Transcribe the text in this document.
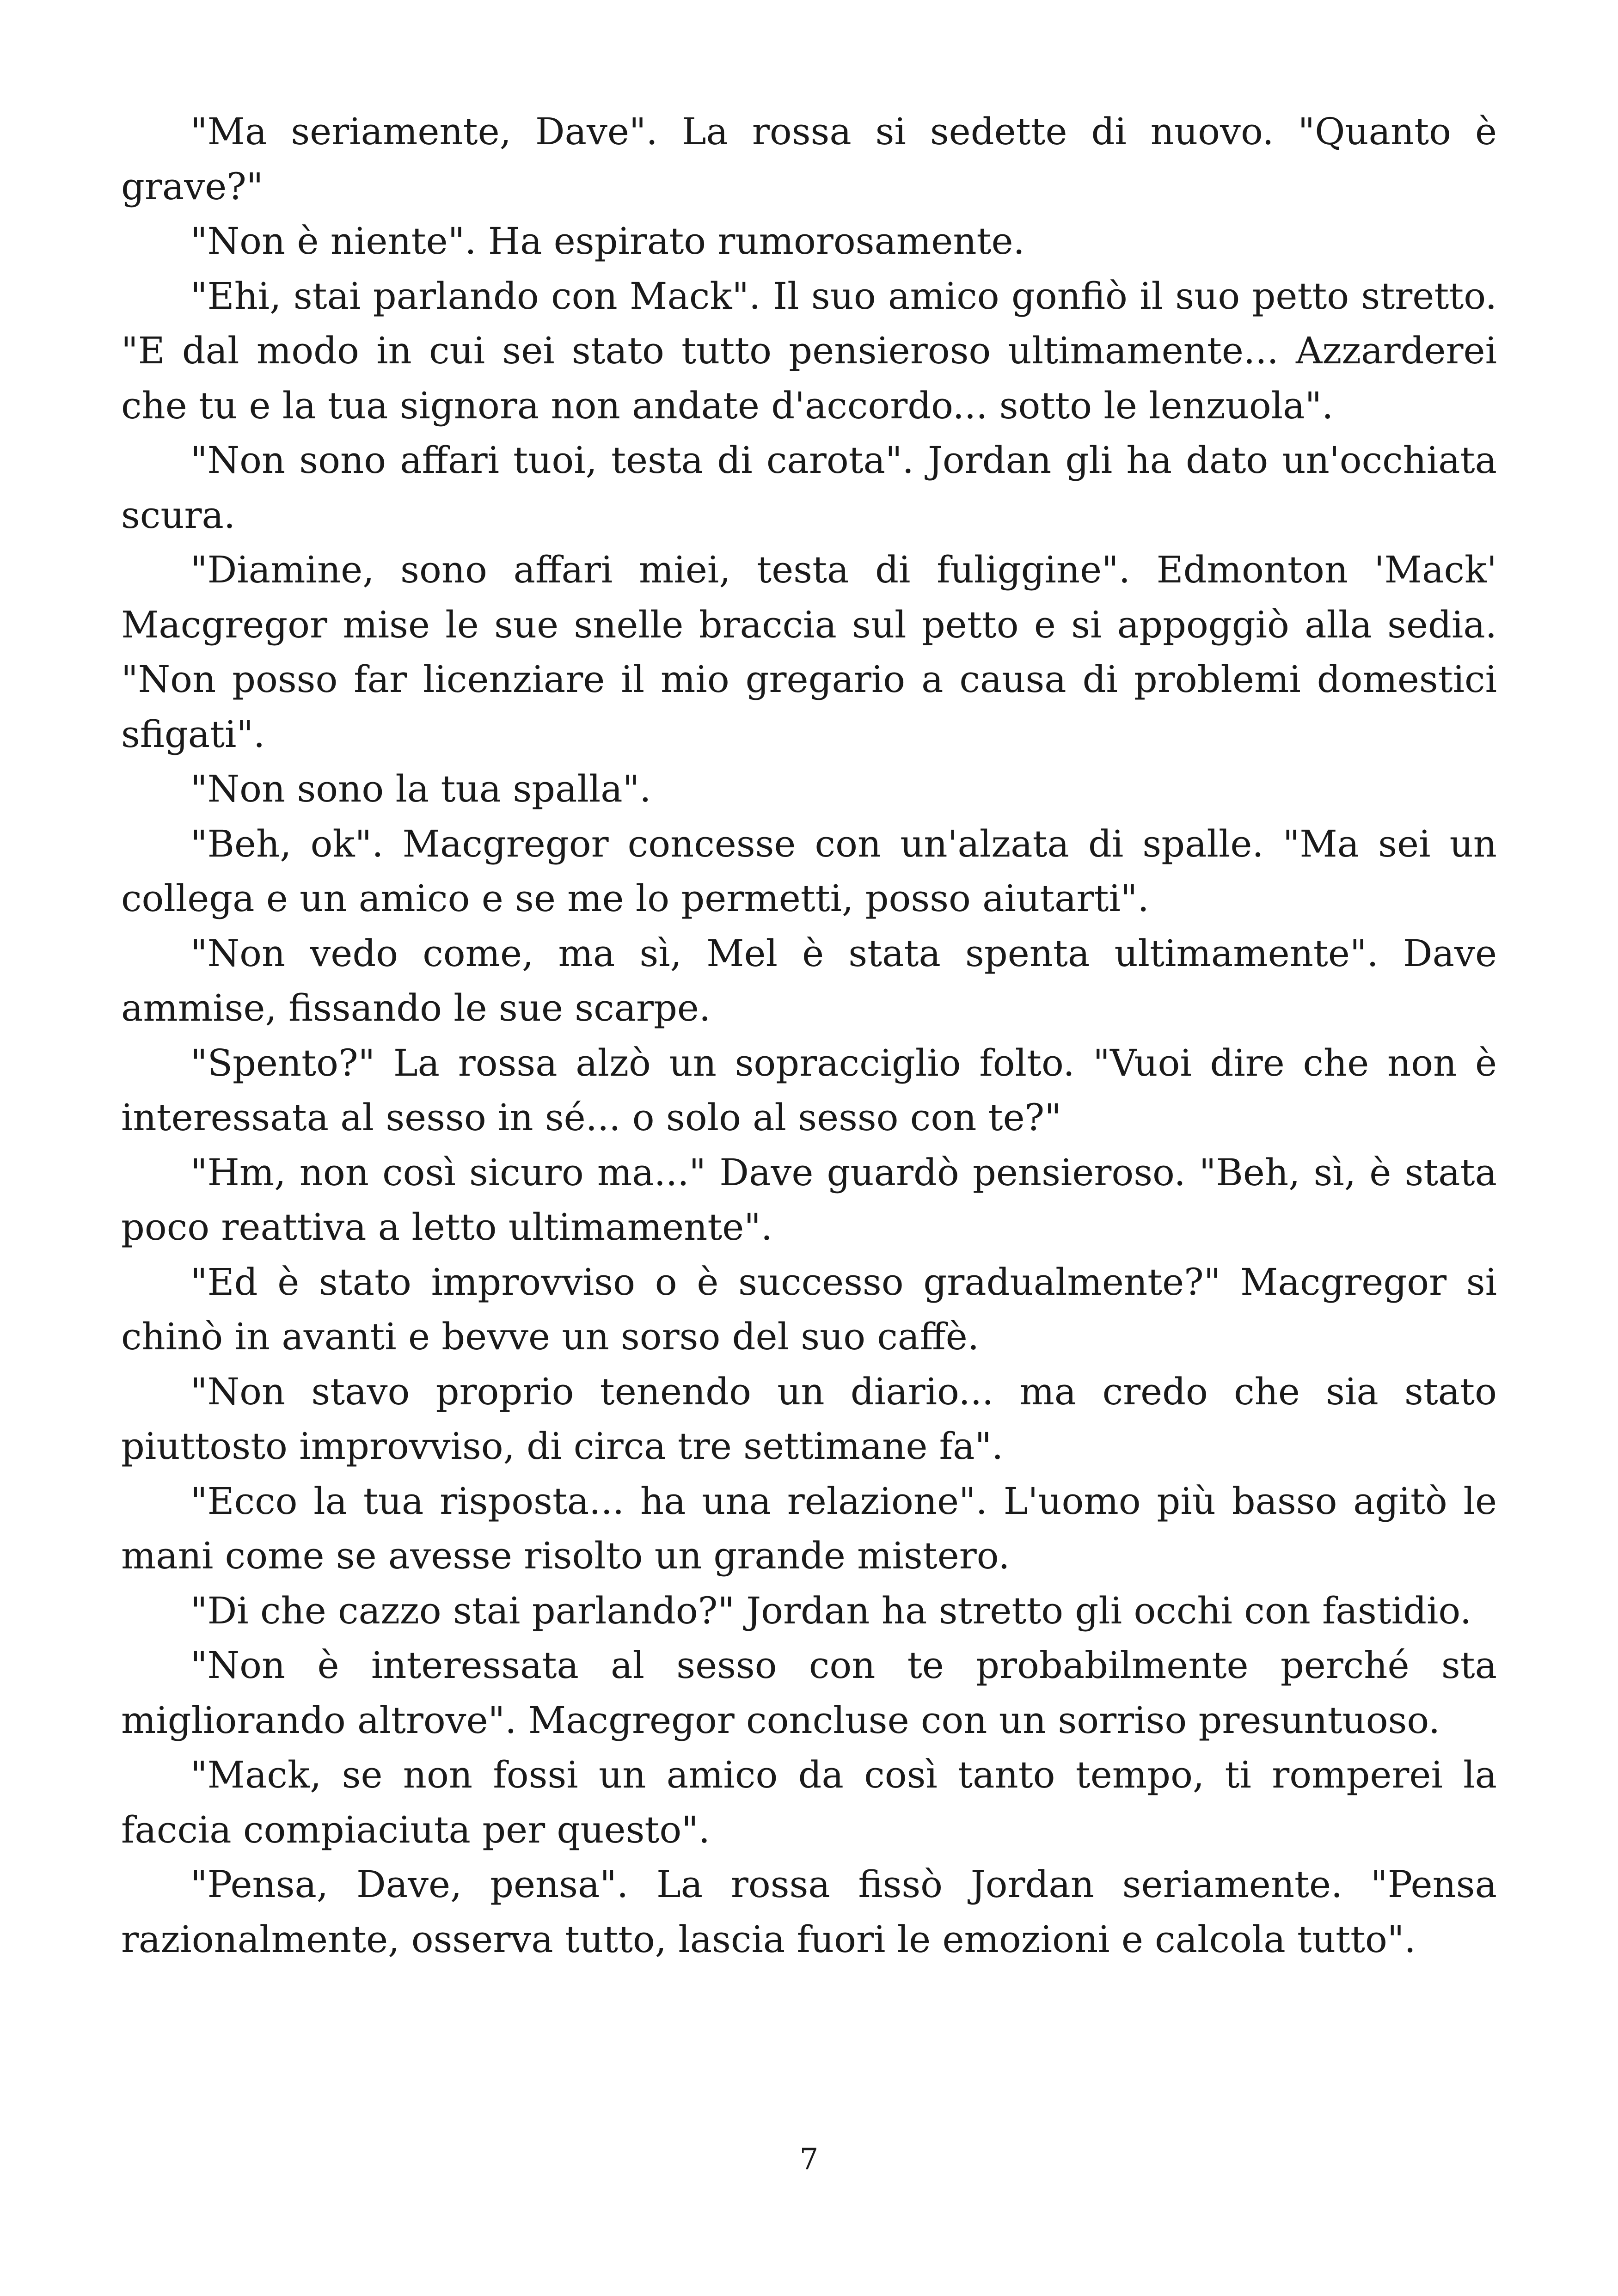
"Ma seriamente, Dave". La rossa si sedette di nuovo. "Quanto è grave?"

"Non è niente". Ha espirato rumorosamente.

"Ehi, stai parlando con Mack". Il suo amico gonfiò il suo petto stretto. "E dal modo in cui sei stato tutto pensieroso ultimamente... Azzarderei che tu e la tua signora non andate d'accordo... sotto le lenzuola".

"Non sono affari tuoi, testa di carota". Jordan gli ha dato un'occhiata scura.

"Diamine, sono affari miei, testa di fuliggine". Edmonton 'Mack' Macgregor mise le sue snelle braccia sul petto e si appoggiò alla sedia. "Non posso far licenziare il mio gregario a causa di problemi domestici sfigati".

"Non sono la tua spalla".

"Beh, ok". Macgregor concesse con un'alzata di spalle. "Ma sei un collega e un amico e se me lo permetti, posso aiutarti".

"Non vedo come, ma sì, Mel è stata spenta ultimamente". Dave ammise, fissando le sue scarpe.

"Spento?" La rossa alzò un sopracciglio folto. "Vuoi dire che non è interessata al sesso in sé... o solo al sesso con te?"

"Hm, non così sicuro ma..." Dave guardò pensieroso. "Beh, sì, è stata poco reattiva a letto ultimamente".

"Ed è stato improvviso o è successo gradualmente?" Macgregor si chinò in avanti e bevve un sorso del suo caffè.

"Non stavo proprio tenendo un diario... ma credo che sia stato piuttosto improvviso, di circa tre settimane fa".

"Ecco la tua risposta... ha una relazione". L'uomo più basso agitò le mani come se avesse risolto un grande mistero.

"Di che cazzo stai parlando?" Jordan ha stretto gli occhi con fastidio.

"Non è interessata al sesso con te probabilmente perché sta migliorando altrove". Macgregor concluse con un sorriso presuntuoso.

"Mack, se non fossi un amico da così tanto tempo, ti romperei la faccia compiaciuta per questo".

"Pensa, Dave, pensa". La rossa fissò Jordan seriamente. "Pensa razionalmente, osserva tutto, lascia fuori le emozioni e calcola tutto".

7
